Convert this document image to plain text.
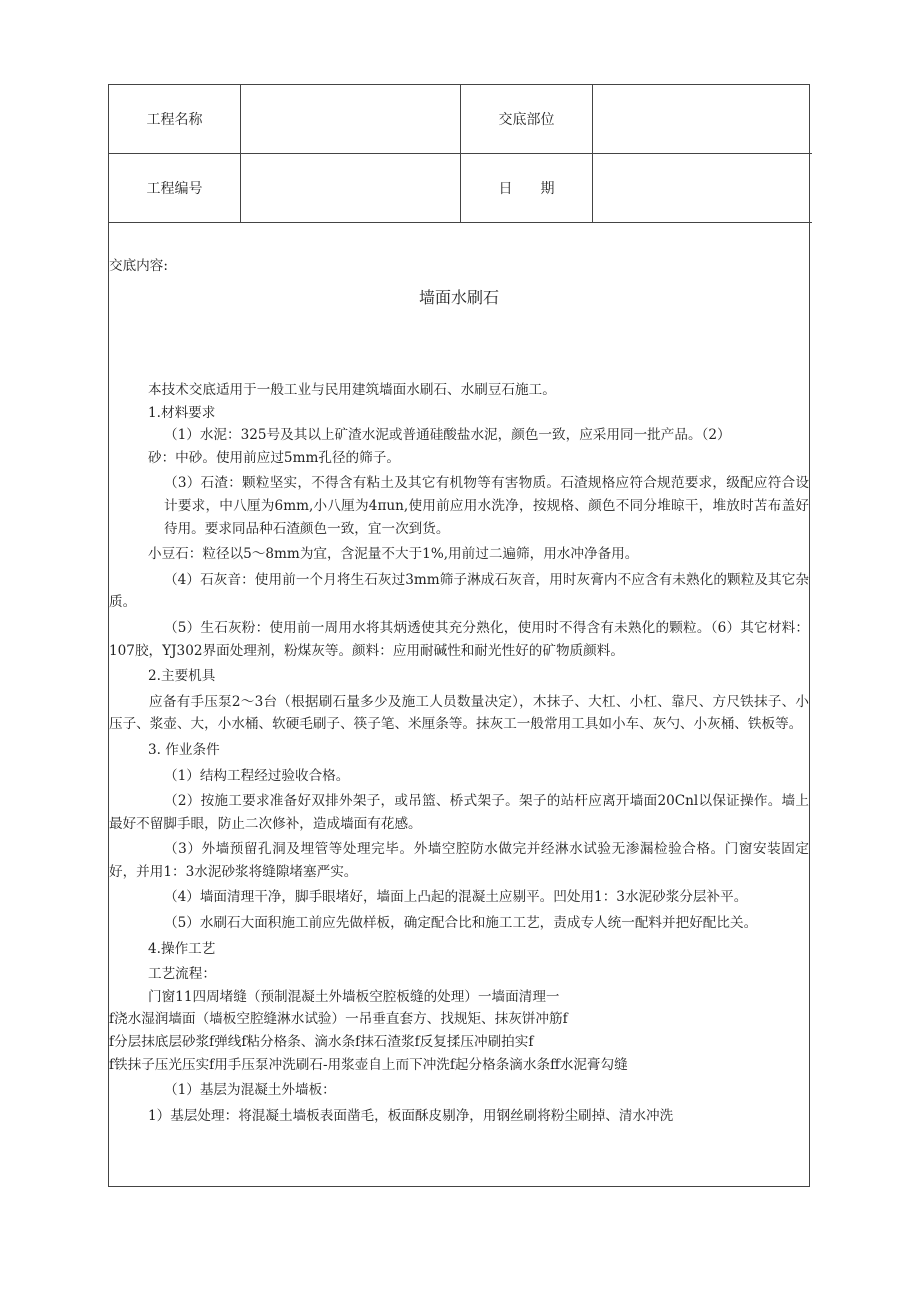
工程名称		交底部位	
工程编号		日　　期	
交底内容:
墙面水刷石

本技术交底适用于一般工业与民用建筑墙面水刷石、水刷豆石施工。

1.材料要求

（1）水泥：325号及其以上矿渣水泥或普通硅酸盐水泥，颜色一致，应采用同一批产品。（2）

砂：中砂。使用前应过5mm孔径的筛子。

（3）石渣：颗粒坚实，不得含有粘土及其它有机物等有害物质。石渣规格应符合规范要求，级配应符合设计要求，中八厘为6mm,小八厘为4πun,使用前应用水洗净，按规格、颜色不同分堆晾干，堆放时苫布盖好待用。要求同品种石渣颜色一致，宜一次到货。

小豆石：粒径以5～8mm为宜，含泥量不大于1%,用前过二遍筛，用水冲净备用。

（4）石灰音：使用前一个月将生石灰过3mm筛子淋成石灰音，用时灰膏内不应含有未熟化的颗粒及其它杂质。

（5）生石灰粉：使用前一周用水将其炳透使其充分熟化，使用时不得含有未熟化的颗粒。（6）其它材料：107胶，YJ302界面处理剂，粉煤灰等。颜料：应用耐碱性和耐光性好的矿物质颜料。

2.主要机具

应备有手压泵2～3台（根据刷石量多少及施工人员数量决定），木抹子、大杠、小杠、靠尺、方尺铁抹子、小压子、浆壶、大，小水桶、软硬毛刷子、筷子笔、米厘条等。抹灰工一般常用工具如小车、灰勺、小灰桶、铁板等。

3. 作业条件

（1）结构工程经过验收合格。

（2）按施工要求准备好双排外架子，或吊篮、桥式架子。架子的站杆应离开墙面20Cnl以保证操作。墙上最好不留脚手眼，防止二次修补，造成墙面有花感。

（3）外墙预留孔洞及埋管等处理完毕。外墙空腔防水做完并经淋水试验无渗漏检验合格。门窗安装固定好，并用1：3水泥砂浆将缝隙堵塞严实。

（4）墙面清理干净，脚手眼堵好，墙面上凸起的混凝土应剔平。凹处用1：3水泥砂浆分层补平。

（5）水刷石大面积施工前应先做样板，确定配合比和施工工艺，责成专人统一配料并把好配比关。

4.操作工艺

工艺流程：

门窗11四周堵缝（预制混凝土外墙板空腔板缝的处理）一墙面清理一

f浇水湿润墙面（墙板空腔缝淋水试验）一吊垂直套方、找规矩、抹灰饼冲筋f

f分层抹底层砂浆f弹线f粘分格条、滴水条f抹石渣浆f反复揉压冲刷拍实f

f铁抹子压光压实f用手压泵冲洗刷石-用浆壶自上而下冲洗f起分格条滴水条ff水泥膏勾缝

（1）基层为混凝土外墙板：

1）基层处理：将混凝土墙板表面凿毛，板面酥皮剔净，用钢丝刷将粉尘刷掉、清水冲洗
